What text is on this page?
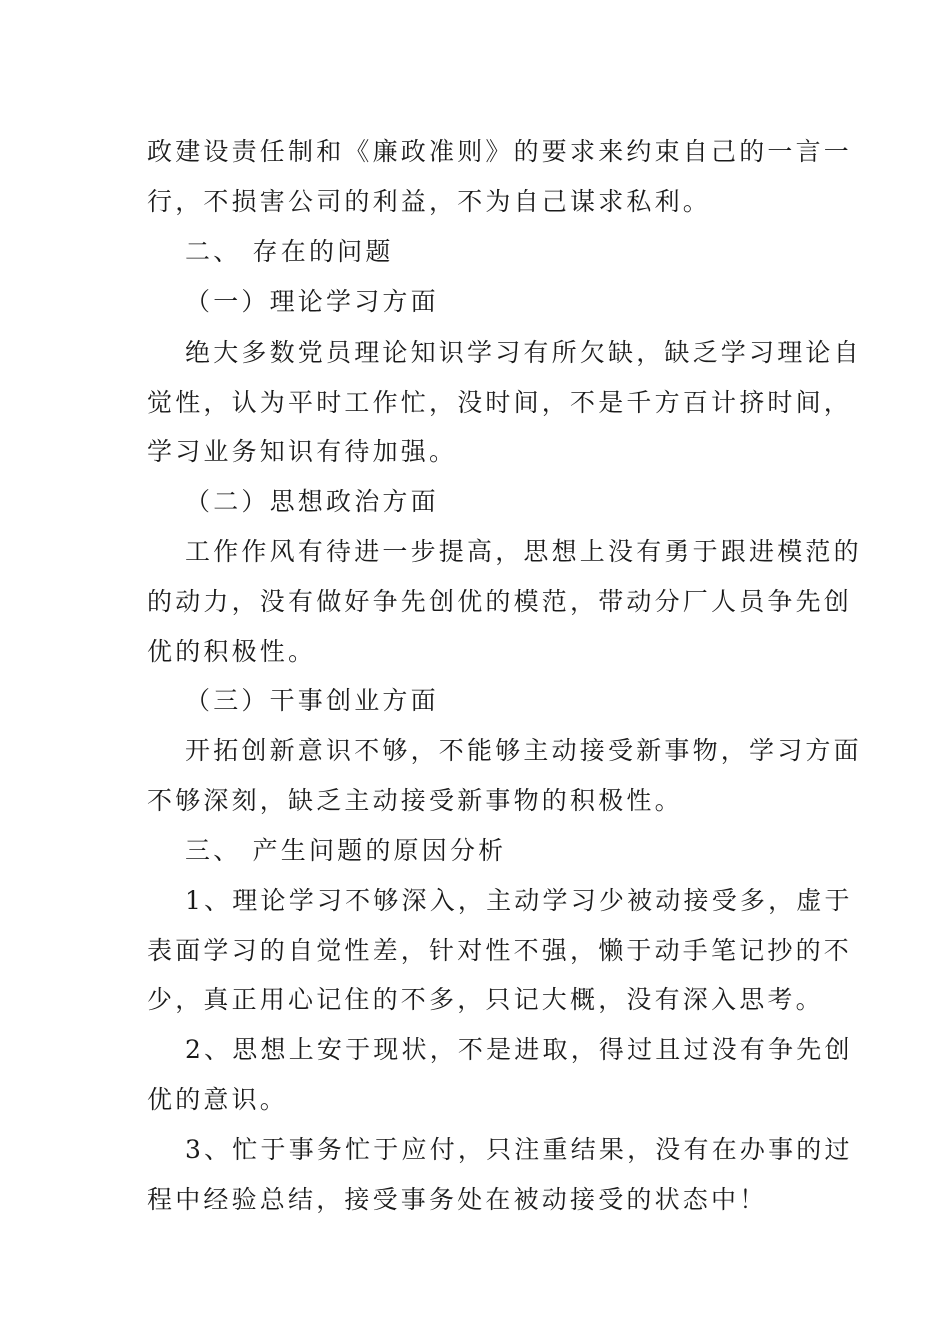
政建设责任制和《廉政准则》的要求来约束自己的一言一
行，不损害公司的利益，不为自己谋求私利。
二、 存在的问题
（一）理论学习方面
绝大多数党员理论知识学习有所欠缺，缺乏学习理论自
觉性，认为平时工作忙，没时间，不是千方百计挤时间，
学习业务知识有待加强。
（二）思想政治方面
工作作风有待进一步提高，思想上没有勇于跟进模范的
的动力，没有做好争先创优的模范，带动分厂人员争先创
优的积极性。
（三）干事创业方面
开拓创新意识不够，不能够主动接受新事物，学习方面
不够深刻，缺乏主动接受新事物的积极性。
三、 产生问题的原因分析
1、理论学习不够深入，主动学习少被动接受多，虚于
表面学习的自觉性差，针对性不强，懒于动手笔记抄的不
少，真正用心记住的不多，只记大概，没有深入思考。
2、思想上安于现状，不是进取，得过且过没有争先创
优的意识。
3、忙于事务忙于应付，只注重结果，没有在办事的过
程中经验总结，接受事务处在被动接受的状态中！
